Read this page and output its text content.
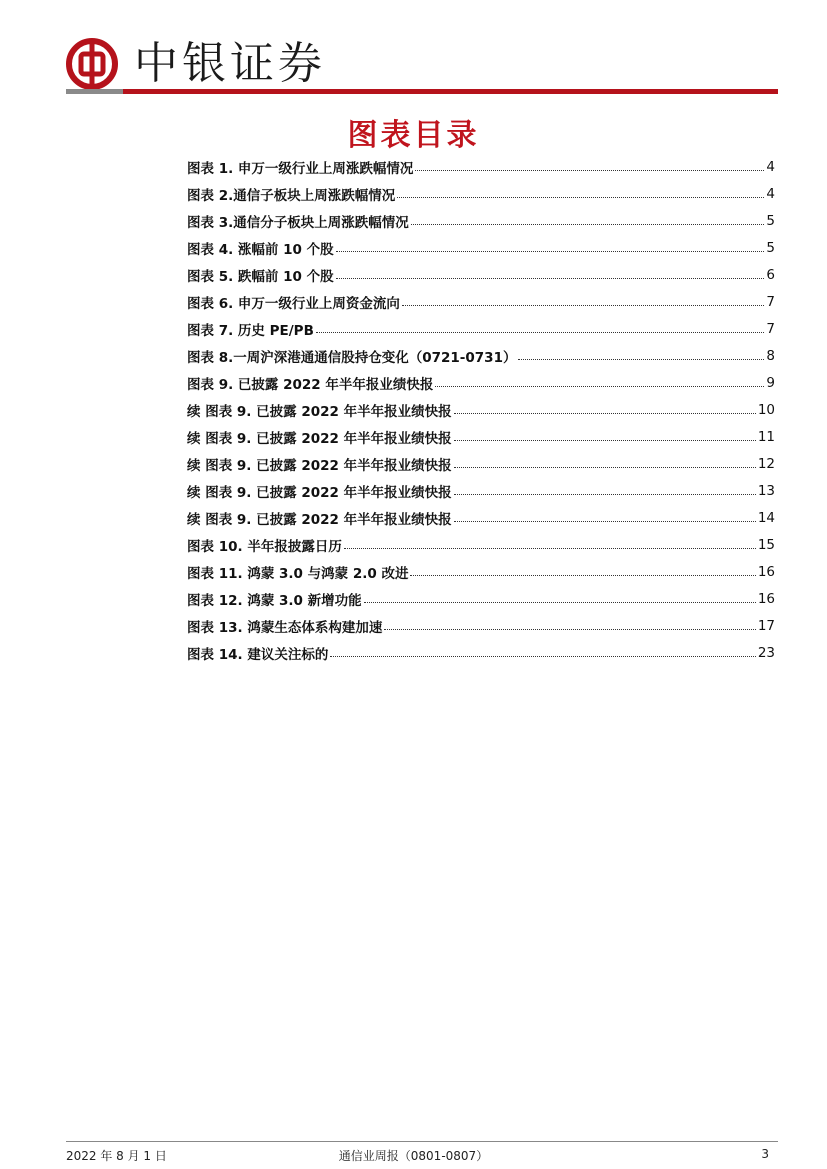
中银证券
图表目录
图表 1. 申万一级行业上周涨跌幅情况	4
图表 2.通信子板块上周涨跌幅情况	4
图表 3.通信分子板块上周涨跌幅情况	5
图表 4. 涨幅前 10 个股	5
图表 5. 跌幅前 10 个股	6
图表 6. 申万一级行业上周资金流向	7
图表 7. 历史 PE/PB	7
图表 8.一周沪深港通通信股持仓变化（0721-0731）	8
图表 9. 已披露 2022 年半年报业绩快报	9
续 图表 9. 已披露 2022 年半年报业绩快报	10
续 图表 9. 已披露 2022 年半年报业绩快报	11
续 图表 9. 已披露 2022 年半年报业绩快报	12
续 图表 9. 已披露 2022 年半年报业绩快报	13
续 图表 9. 已披露 2022 年半年报业绩快报	14
图表 10. 半年报披露日历	15
图表 11. 鸿蒙 3.0 与鸿蒙 2.0 改进	16
图表 12. 鸿蒙 3.0 新增功能	16
图表 13. 鸿蒙生态体系构建加速	17
图表 14. 建议关注标的	23
2022 年 8 月 1 日	通信业周报（0801-0807）	3
